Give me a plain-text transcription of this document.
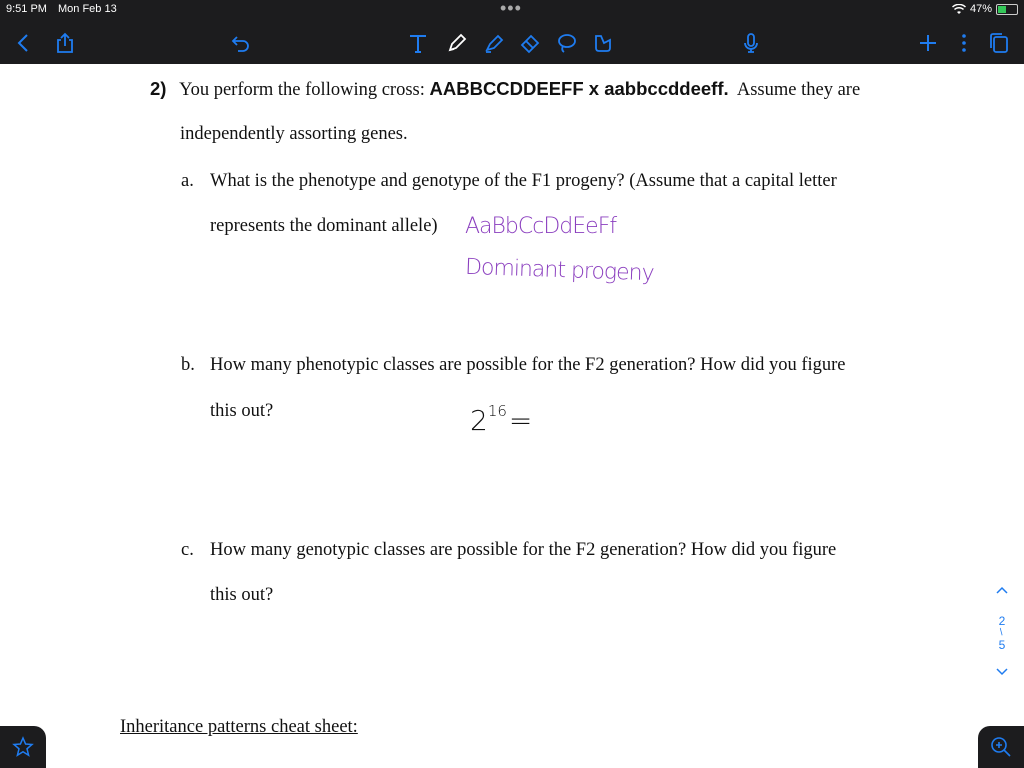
9:51 PM Mon Feb 13	•••	47%
2) You perform the following cross: AABBCCDDEEFF x aabbccddeeff.  Assume they are
independently assorting genes.
a. What is the phenotype and genotype of the F1 progeny? (Assume that a capital letter
represents the dominant allele) AaBbCcDdEeFf
Dominant progeny
b. How many phenotypic classes are possible for the F2 generation? How did you figure
this out?	$2^{16}=$
c. How many genotypic classes are possible for the F2 generation? How did you figure
this out?
Inheritance patterns cheat sheet:
2
/
5
